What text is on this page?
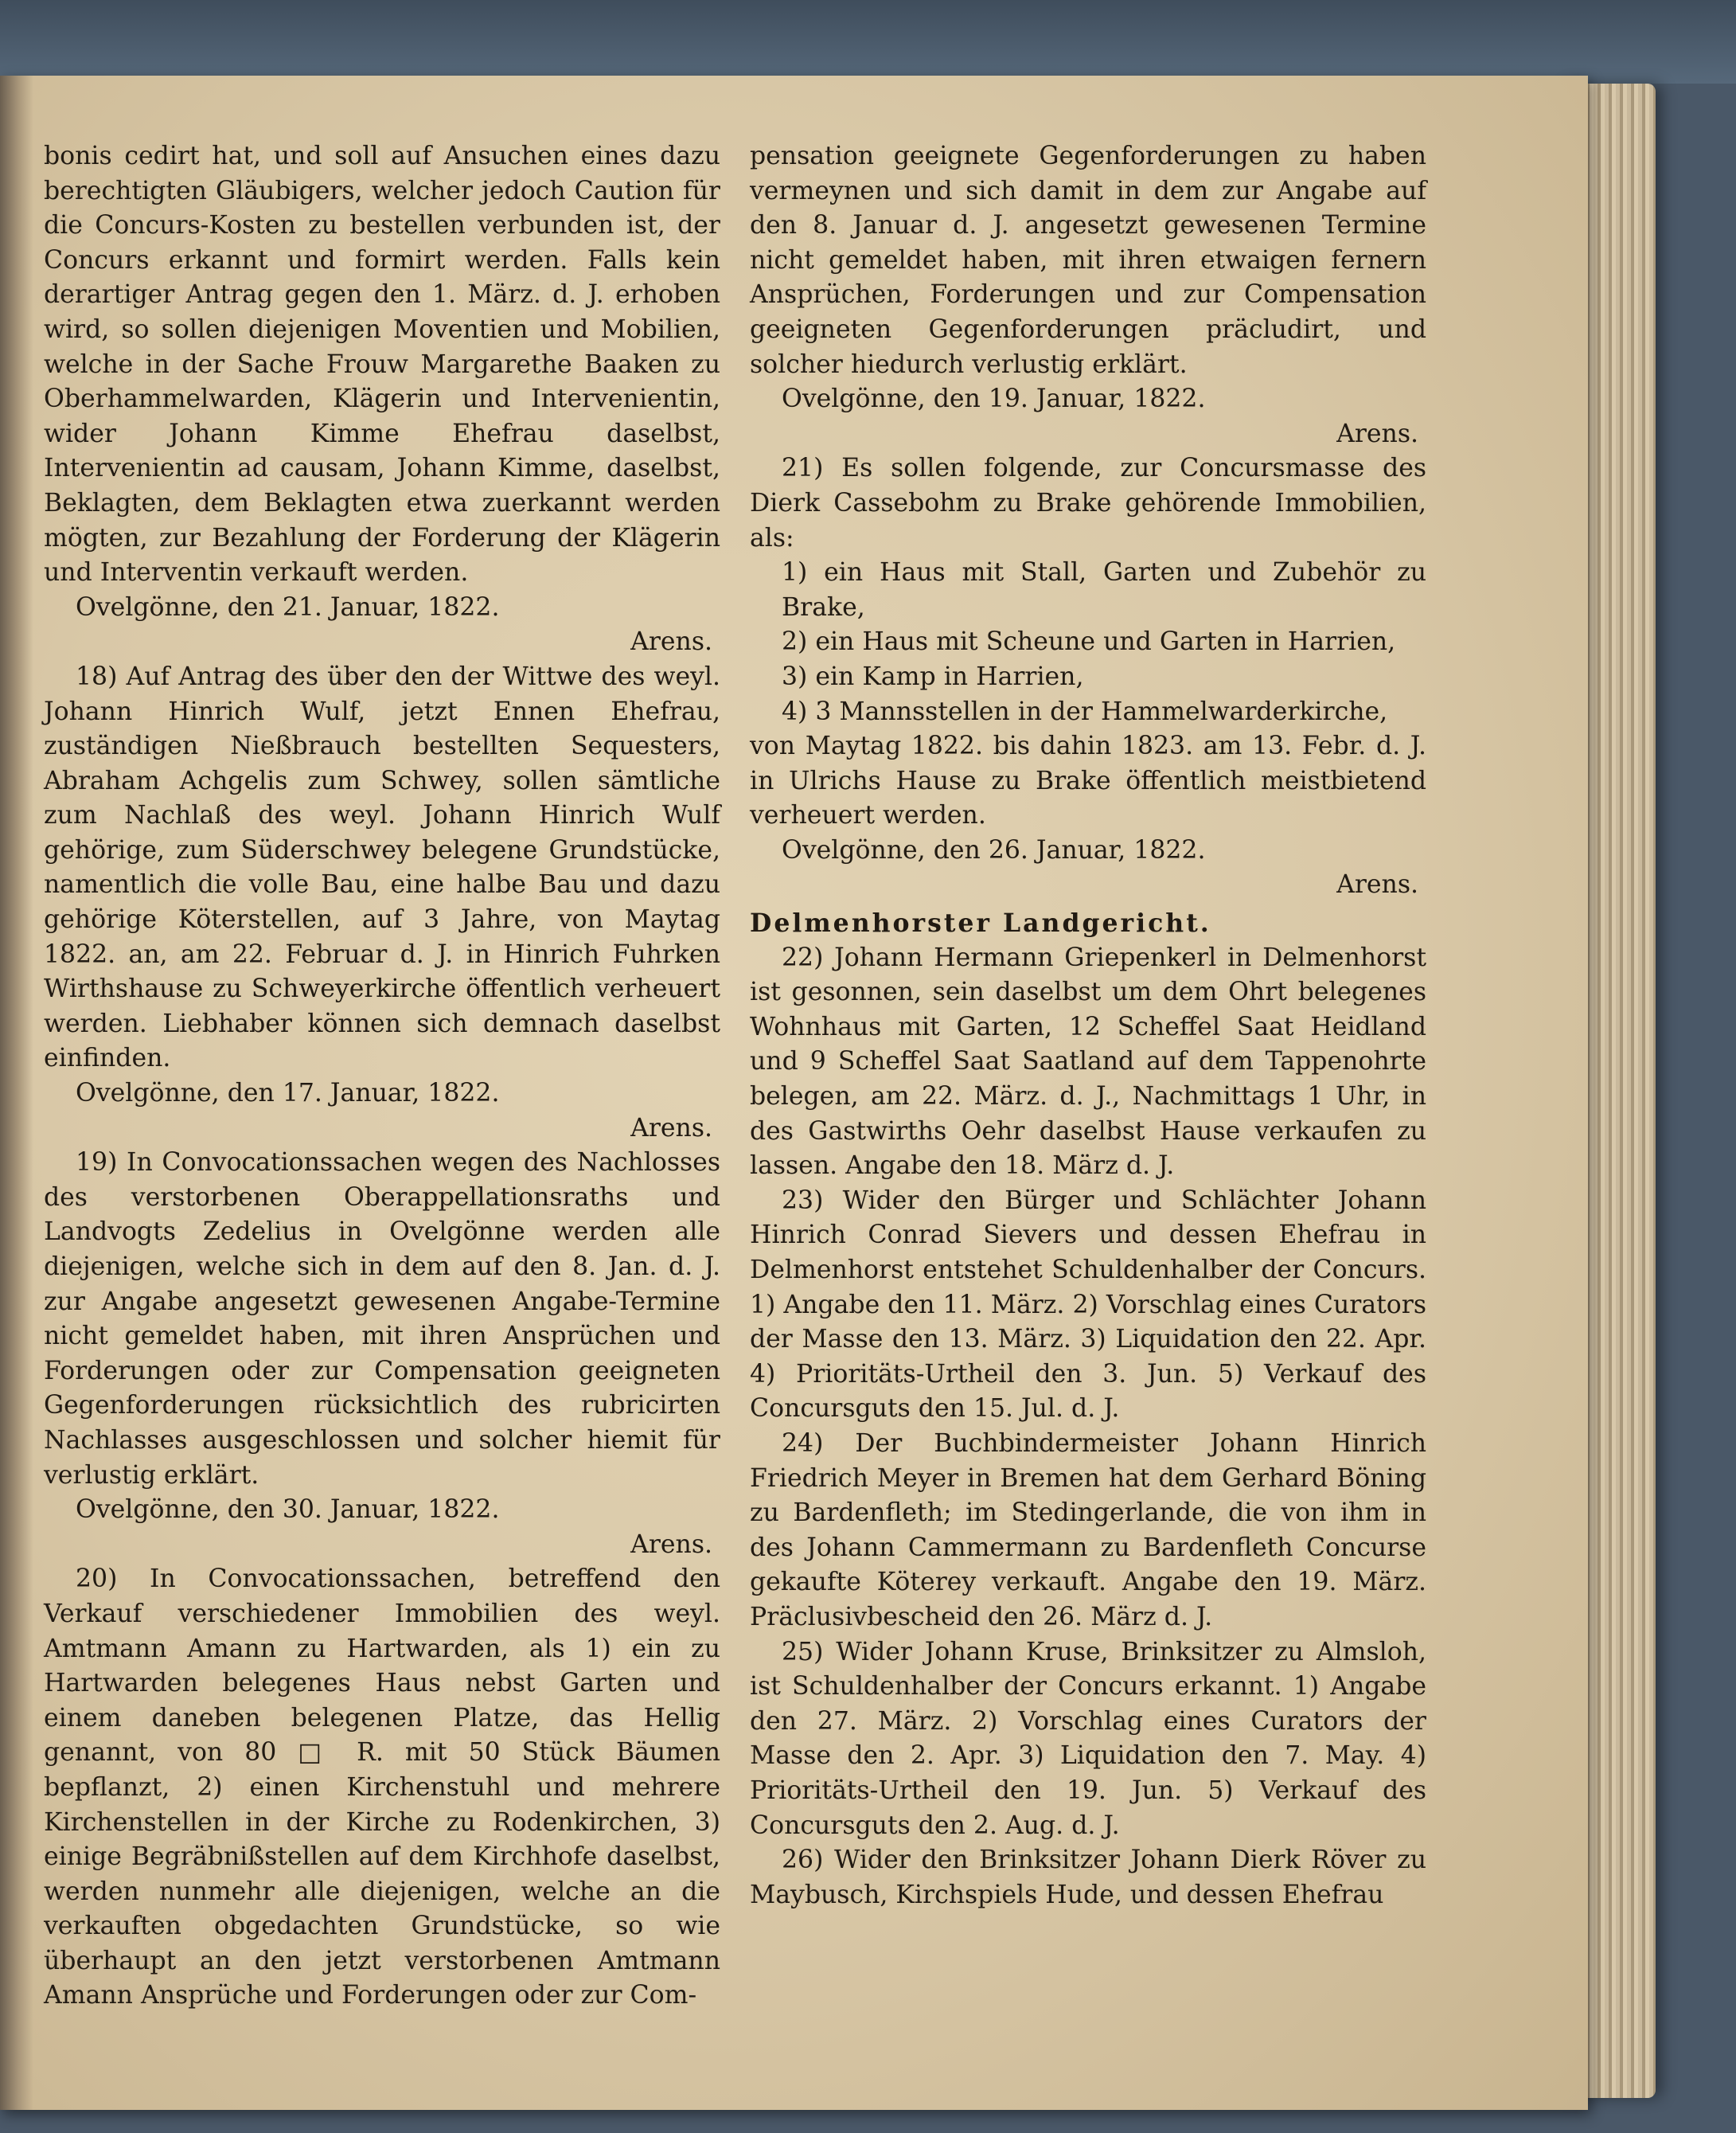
bonis cedirt hat, und soll auf Ansuchen eines dazu berechtigten Gläubigers, welcher jedoch Caution für die Concurs-Kosten zu bestellen verbunden ist, der Concurs erkannt und formirt werden. Falls kein derartiger Antrag gegen den 1. März. d. J. erhoben wird, so sollen diejenigen Moventien und Mobilien, welche in der Sache Frouw Margarethe Baaken zu Oberhammelwarden, Klägerin und Intervenientin, wider Johann Kimme Ehefrau daselbst, Intervenientin ad causam, Johann Kimme, daselbst, Beklagten, dem Beklagten etwa zuerkannt werden mögten, zur Bezahlung der Forderung der Klägerin und Interventin verkauft werden.

Ovelgönne, den 21. Januar, 1822.

Arens.

18) Auf Antrag des über den der Wittwe des weyl. Johann Hinrich Wulf, jetzt Ennen Ehefrau, zuständigen Nießbrauch bestellten Sequesters, Abraham Achgelis zum Schwey, sollen sämtliche zum Nachlaß des weyl. Johann Hinrich Wulf gehörige, zum Süderschwey belegene Grundstücke, namentlich die volle Bau, eine halbe Bau und dazu gehörige Köterstellen, auf 3 Jahre, von Maytag 1822. an, am 22. Februar d. J. in Hinrich Fuhrken Wirthshause zu Schweyerkirche öffentlich verheuert werden. Liebhaber können sich demnach daselbst einfinden.

Ovelgönne, den 17. Januar, 1822.

Arens.

19) In Convocationssachen wegen des Nachlosses des verstorbenen Oberappellationsraths und Landvogts Zedelius in Ovelgönne werden alle diejenigen, welche sich in dem auf den 8. Jan. d. J. zur Angabe angesetzt gewesenen Angabe-Termine nicht gemeldet haben, mit ihren Ansprüchen und Forderungen oder zur Compensation geeigneten Gegenforderungen rücksichtlich des rubricirten Nachlasses ausgeschlossen und solcher hiemit für verlustig erklärt.

Ovelgönne, den 30. Januar, 1822.

Arens.

20) In Convocationssachen, betreffend den Verkauf verschiedener Immobilien des weyl. Amtmann Amann zu Hartwarden, als 1) ein zu Hartwarden belegenes Haus nebst Garten und einem daneben belegenen Platze, das Hellig genannt, von 80 □ R. mit 50 Stück Bäumen bepflanzt, 2) einen Kirchenstuhl und mehrere Kirchenstellen in der Kirche zu Rodenkirchen, 3) einige Begräbnißstellen auf dem Kirchhofe daselbst, werden nunmehr alle diejenigen, welche an die verkauften obgedachten Grundstücke, so wie überhaupt an den jetzt verstorbenen Amtmann Amann Ansprüche und Forderungen oder zur Com-

pensation geeignete Gegenforderungen zu haben vermeynen und sich damit in dem zur Angabe auf den 8. Januar d. J. angesetzt gewesenen Termine nicht gemeldet haben, mit ihren etwaigen fernern Ansprüchen, Forderungen und zur Compensation geeigneten Gegenforderungen präcludirt, und solcher hiedurch verlustig erklärt.

Ovelgönne, den 19. Januar, 1822.

Arens.

21) Es sollen folgende, zur Concursmasse des Dierk Cassebohm zu Brake gehörende Immobilien, als:

1) ein Haus mit Stall, Garten und Zubehör zu Brake,

2) ein Haus mit Scheune und Garten in Harrien,

3) ein Kamp in Harrien,

4) 3 Mannsstellen in der Hammelwarderkirche,

von Maytag 1822. bis dahin 1823. am 13. Febr. d. J. in Ulrichs Hause zu Brake öffentlich meistbietend verheuert werden.

Ovelgönne, den 26. Januar, 1822.

Arens.

Delmenhorster Landgericht.

22) Johann Hermann Griepenkerl in Delmenhorst ist gesonnen, sein daselbst um dem Ohrt belegenes Wohnhaus mit Garten, 12 Scheffel Saat Heidland und 9 Scheffel Saat Saatland auf dem Tappenohrte belegen, am 22. März. d. J., Nachmittags 1 Uhr, in des Gastwirths Oehr daselbst Hause verkaufen zu lassen. Angabe den 18. März d. J.

23) Wider den Bürger und Schlächter Johann Hinrich Conrad Sievers und dessen Ehefrau in Delmenhorst entstehet Schuldenhalber der Concurs. 1) Angabe den 11. März. 2) Vorschlag eines Curators der Masse den 13. März. 3) Liquidation den 22. Apr. 4) Prioritäts-Urtheil den 3. Jun. 5) Verkauf des Concursguts den 15. Jul. d. J.

24) Der Buchbindermeister Johann Hinrich Friedrich Meyer in Bremen hat dem Gerhard Böning zu Bardenfleth; im Stedingerlande, die von ihm in des Johann Cammermann zu Bardenfleth Concurse gekaufte Köterey verkauft. Angabe den 19. März. Präclusivbescheid den 26. März d. J.

25) Wider Johann Kruse, Brinksitzer zu Almsloh, ist Schuldenhalber der Concurs erkannt. 1) Angabe den 27. März. 2) Vorschlag eines Curators der Masse den 2. Apr. 3) Liquidation den 7. May. 4) Prioritäts-Urtheil den 19. Jun. 5) Verkauf des Concursguts den 2. Aug. d. J.

26) Wider den Brinksitzer Johann Dierk Röver zu Maybusch, Kirchspiels Hude, und dessen Ehefrau
